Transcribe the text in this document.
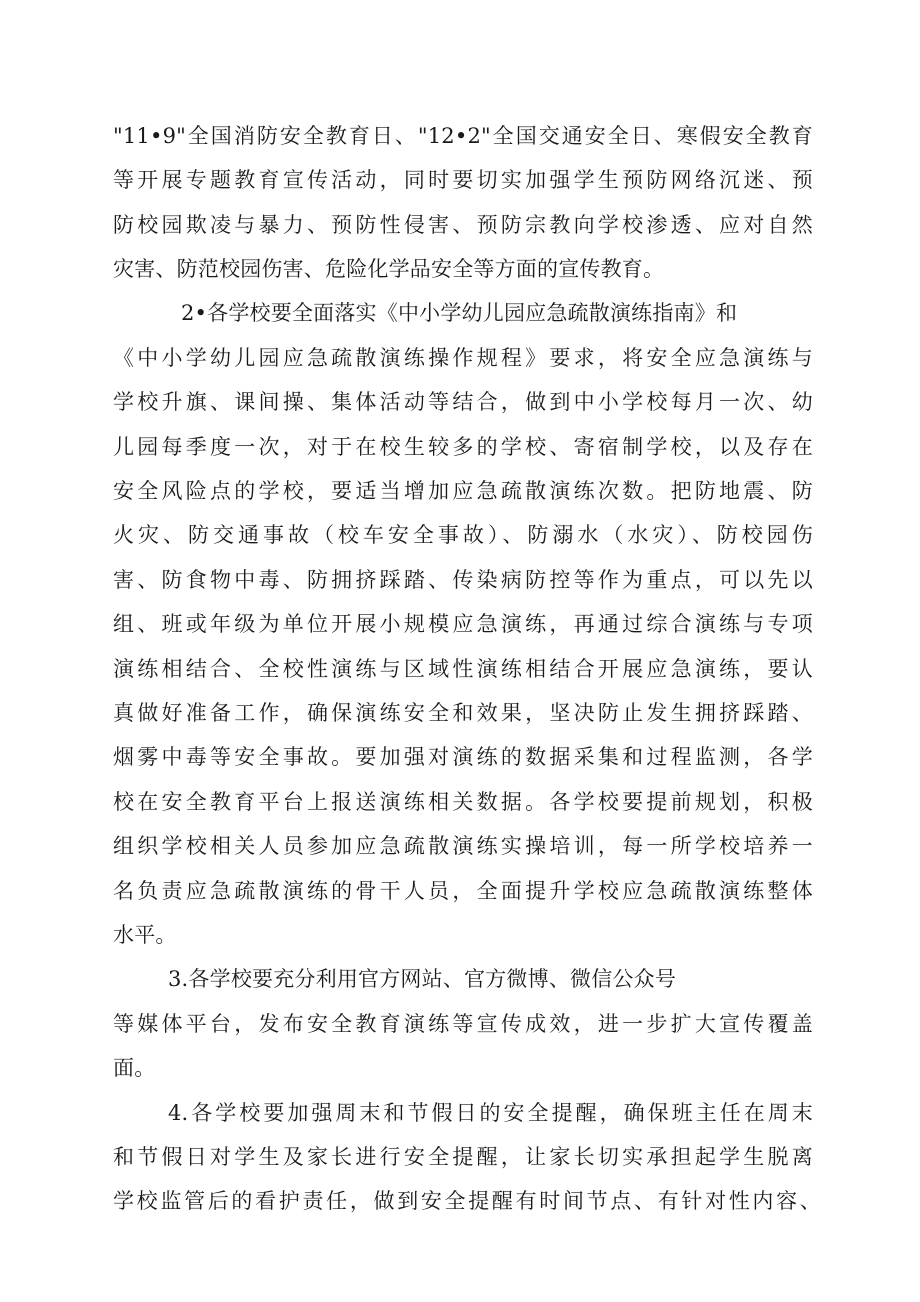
"11•9"全国消防安全教育日、"12•2"全国交通安全日、寒假安全教育
等开展专题教育宣传活动，同时要切实加强学生预防网络沉迷、预
防校园欺凌与暴力、预防性侵害、预防宗教向学校渗透、应对自然
灾害、防范校园伤害、危险化学品安全等方面的宣传教育。
2•各学校要全面落实《中小学幼儿园应急疏散演练指南》和
《中小学幼儿园应急疏散演练操作规程》要求，将安全应急演练与
学校升旗、课间操、集体活动等结合，做到中小学校每月一次、幼
儿园每季度一次，对于在校生较多的学校、寄宿制学校，以及存在
安全风险点的学校，要适当增加应急疏散演练次数。把防地震、防
火灾、防交通事故（校车安全事故）、防溺水（水灾）、防校园伤
害、防食物中毒、防拥挤踩踏、传染病防控等作为重点，可以先以
组、班或年级为单位开展小规模应急演练，再通过综合演练与专项
演练相结合、全校性演练与区域性演练相结合开展应急演练，要认
真做好准备工作，确保演练安全和效果，坚决防止发生拥挤踩踏、
烟雾中毒等安全事故。要加强对演练的数据采集和过程监测，各学
校在安全教育平台上报送演练相关数据。各学校要提前规划，积极
组织学校相关人员参加应急疏散演练实操培训，每一所学校培养一
名负责应急疏散演练的骨干人员，全面提升学校应急疏散演练整体
水平。
3.各学校要充分利用官方网站、官方微博、微信公众号
等媒体平台，发布安全教育演练等宣传成效，进一步扩大宣传覆盖
面。
4.各学校要加强周末和节假日的安全提醒，确保班主任在周末
和节假日对学生及家长进行安全提醒，让家长切实承担起学生脱离
学校监管后的看护责任，做到安全提醒有时间节点、有针对性内容、
